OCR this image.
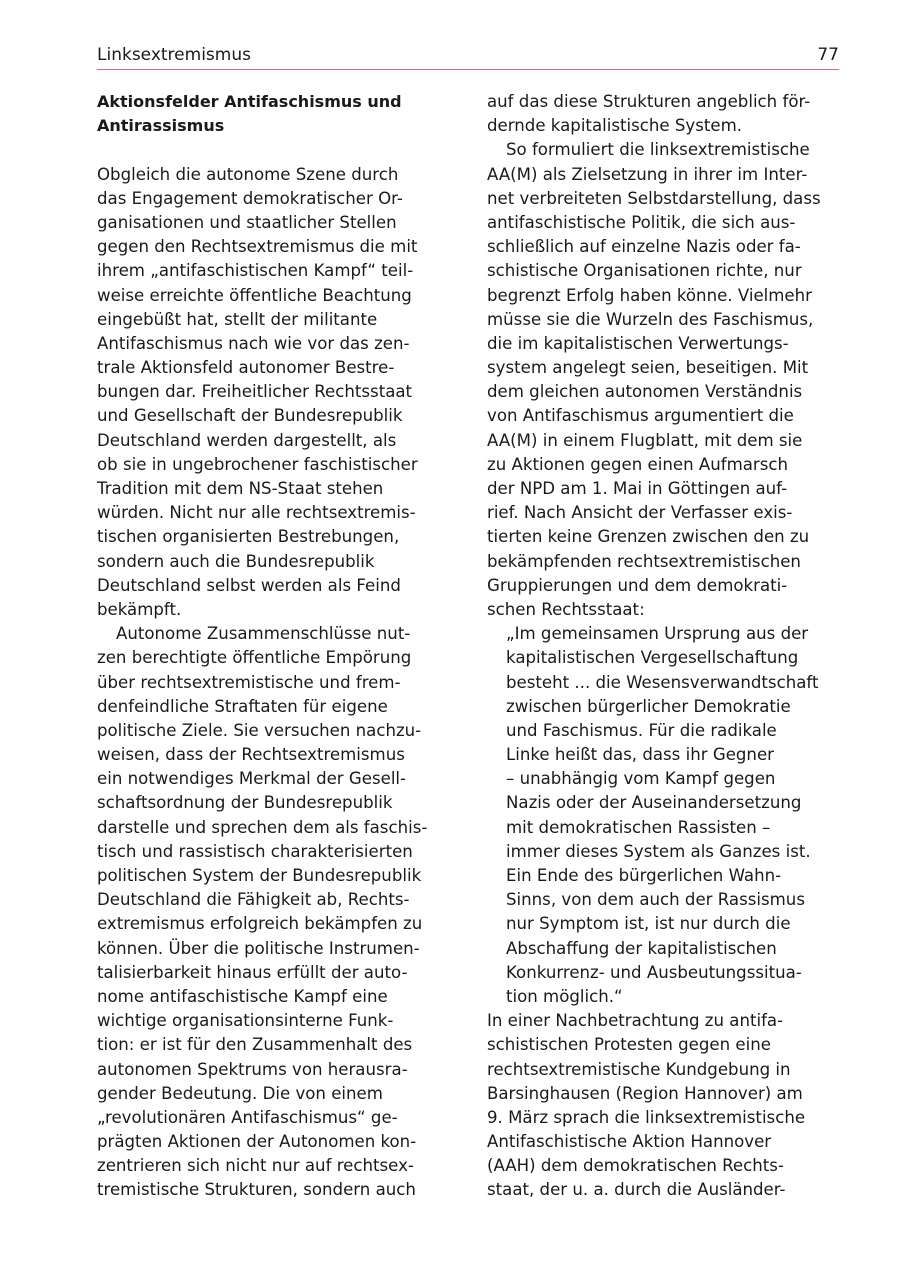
Linksextremismus	77
Aktionsfelder Antifaschismus und
Antirassismus
Obgleich die autonome Szene durch
das Engagement demokratischer Or-
ganisationen und staatlicher Stellen
gegen den Rechtsextremismus die mit
ihrem „antifaschistischen Kampf“ teil-
weise erreichte öffentliche Beachtung
eingebüßt hat, stellt der militante
Antifaschismus nach wie vor das zen-
trale Aktionsfeld autonomer Bestre-
bungen dar. Freiheitlicher Rechtsstaat
und Gesellschaft der Bundesrepublik
Deutschland werden dargestellt, als
ob sie in ungebrochener faschistischer
Tradition mit dem NS-Staat stehen
würden. Nicht nur alle rechtsextremis-
tischen organisierten Bestrebungen,
sondern auch die Bundesrepublik
Deutschland selbst werden als Feind
bekämpft.
Autonome Zusammenschlüsse nut-
zen berechtigte öffentliche Empörung
über rechtsextremistische und frem-
denfeindliche Straftaten für eigene
politische Ziele. Sie versuchen nachzu-
weisen, dass der Rechtsextremismus
ein notwendiges Merkmal der Gesell-
schaftsordnung der Bundesrepublik
darstelle und sprechen dem als faschis-
tisch und rassistisch charakterisierten
politischen System der Bundesrepublik
Deutschland die Fähigkeit ab, Rechts-
extremismus erfolgreich bekämpfen zu
können. Über die politische Instrumen-
talisierbarkeit hinaus erfüllt der auto-
nome antifaschistische Kampf eine
wichtige organisationsinterne Funk-
tion: er ist für den Zusammenhalt des
autonomen Spektrums von herausra-
gender Bedeutung. Die von einem
„revolutionären Antifaschismus“ ge-
prägten Aktionen der Autonomen kon-
zentrieren sich nicht nur auf rechtsex-
tremistische Strukturen, sondern auch
auf das diese Strukturen angeblich för-
dernde kapitalistische System.
So formuliert die linksextremistische
AA(M) als Zielsetzung in ihrer im Inter-
net verbreiteten Selbstdarstellung, dass
antifaschistische Politik, die sich aus-
schließlich auf einzelne Nazis oder fa-
schistische Organisationen richte, nur
begrenzt Erfolg haben könne. Vielmehr
müsse sie die Wurzeln des Faschismus,
die im kapitalistischen Verwertungs-
system angelegt seien, beseitigen. Mit
dem gleichen autonomen Verständnis
von Antifaschismus argumentiert die
AA(M) in einem Flugblatt, mit dem sie
zu Aktionen gegen einen Aufmarsch
der NPD am 1. Mai in Göttingen auf-
rief. Nach Ansicht der Verfasser exis-
tierten keine Grenzen zwischen den zu
bekämpfenden rechtsextremistischen
Gruppierungen und dem demokrati-
schen Rechtsstaat:
„Im gemeinsamen Ursprung aus der
kapitalistischen Vergesellschaftung
besteht ... die Wesensverwandtschaft
zwischen bürgerlicher Demokratie
und Faschismus. Für die radikale
Linke heißt das, dass ihr Gegner
– unabhängig vom Kampf gegen
Nazis oder der Auseinandersetzung
mit demokratischen Rassisten –
immer dieses System als Ganzes ist.
Ein Ende des bürgerlichen Wahn-
Sinns, von dem auch der Rassismus
nur Symptom ist, ist nur durch die
Abschaffung der kapitalistischen
Konkurrenz- und Ausbeutungssitua-
tion möglich.“
In einer Nachbetrachtung zu antifa-
schistischen Protesten gegen eine
rechtsextremistische Kundgebung in
Barsinghausen (Region Hannover) am
9. März sprach die linksextremistische
Antifaschistische Aktion Hannover
(AAH) dem demokratischen Rechts-
staat, der u. a. durch die Ausländer-
